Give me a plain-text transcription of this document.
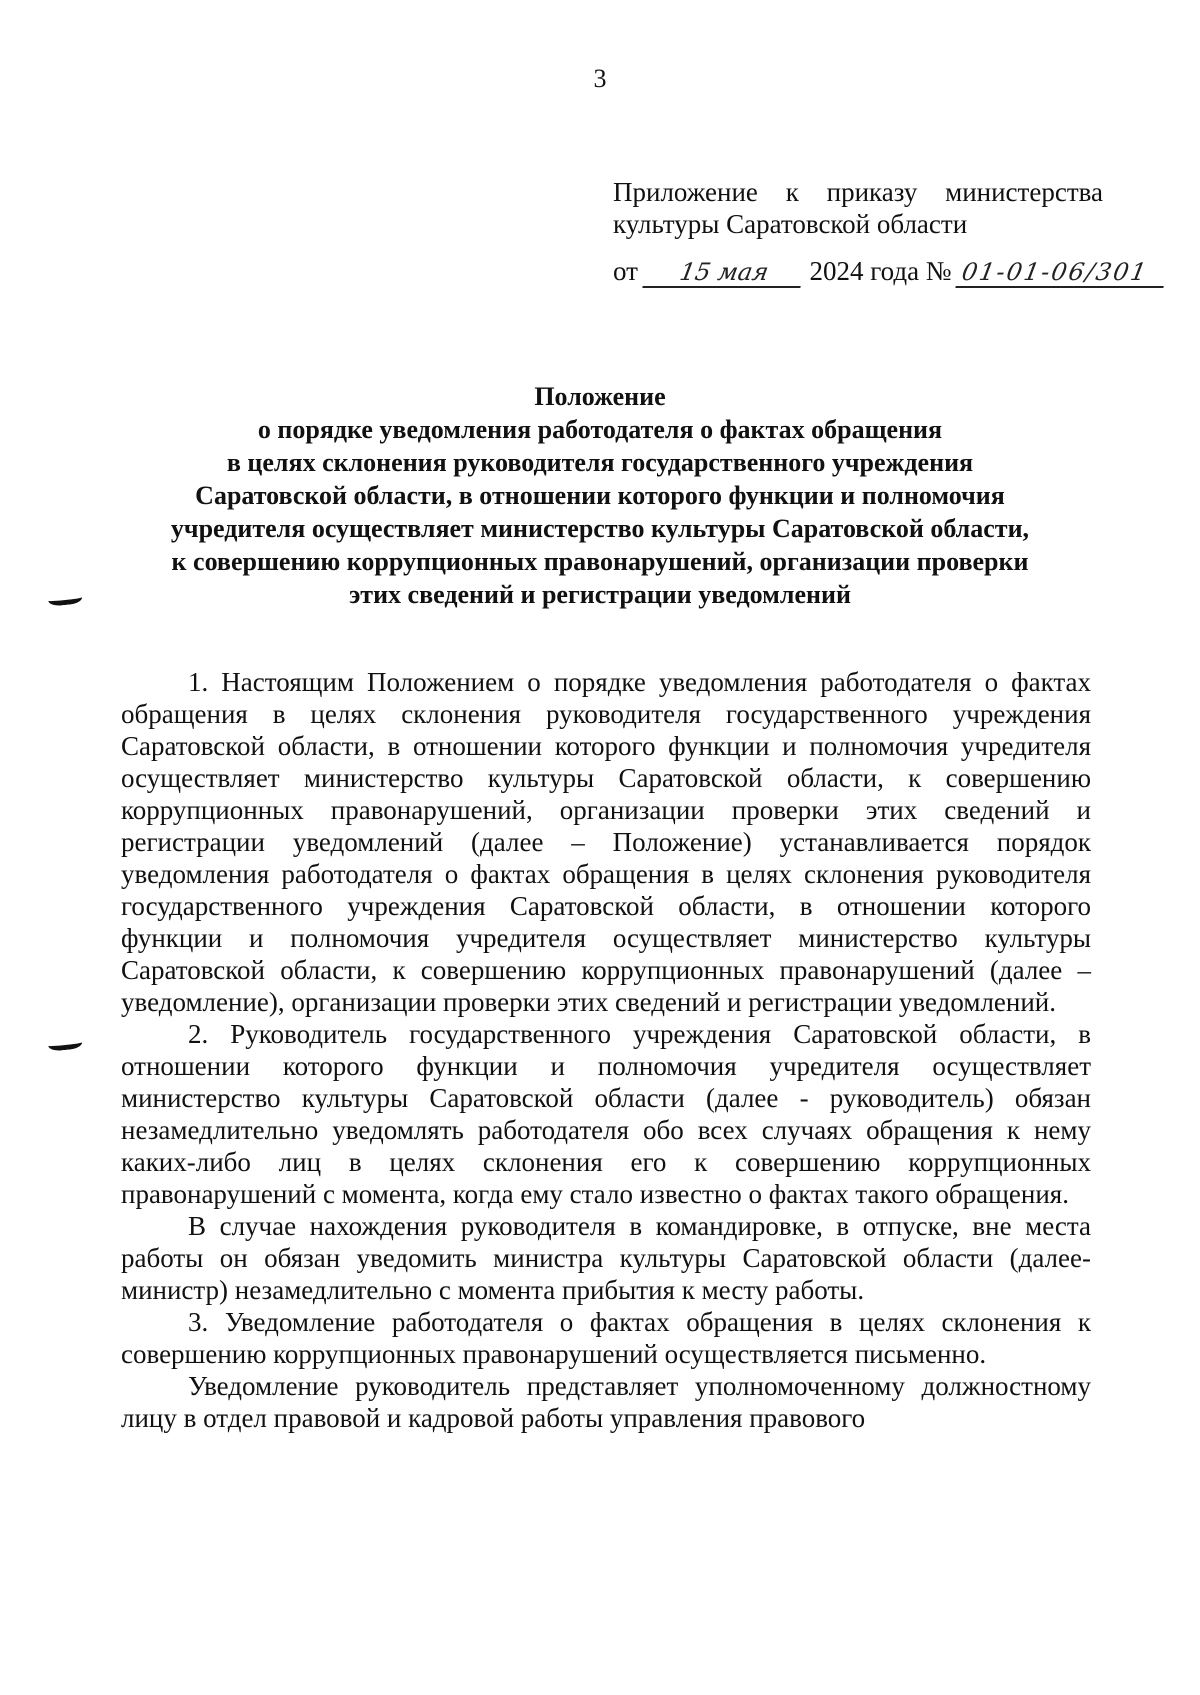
3
Приложение к приказу министерства
культуры Саратовской области
от 15 мая 2024 года № 01-01-06/301
Положение
о порядке уведомления работодателя о фактах обращения
в целях склонения руководителя государственного учреждения
Саратовской области, в отношении которого функции и полномочия
учредителя осуществляет министерство культуры Саратовской области,
к совершению коррупционных правонарушений, организации проверки
этих сведений и регистрации уведомлений

1. Настоящим Положением о порядке уведомления работодателя о фактах обращения в целях склонения руководителя государственного учреждения Саратовской области, в отношении которого функции и полномочия учредителя осуществляет министерство культуры Саратовской области, к совершению коррупционных правонарушений, организации проверки этих сведений и регистрации уведомлений (далее – Положение) устанавливается порядок уведомления работодателя о фактах обращения в целях склонения руководителя государственного учреждения Саратовской области, в отношении которого функции и полномочия учредителя осуществляет министерство культуры Саратовской области, к совершению коррупционных правонарушений (далее – уведомление), организации проверки этих сведений и регистрации уведомлений.

2. Руководитель государственного учреждения Саратовской области, в отношении которого функции и полномочия учредителя осуществляет министерство культуры Саратовской области (далее - руководитель) обязан незамедлительно уведомлять работодателя обо всех случаях обращения к нему каких-либо лиц в целях склонения его к совершению коррупционных правонарушений с момента, когда ему стало известно о фактах такого обращения.

В случае нахождения руководителя в командировке, в отпуске, вне места работы он обязан уведомить министра культуры Саратовской области (далее- министр) незамедлительно с момента прибытия к месту работы.

3. Уведомление работодателя о фактах обращения в целях склонения к совершению коррупционных правонарушений осуществляется письменно.

Уведомление руководитель представляет уполномоченному должностному лицу в отдел правовой и кадровой работы управления правового
